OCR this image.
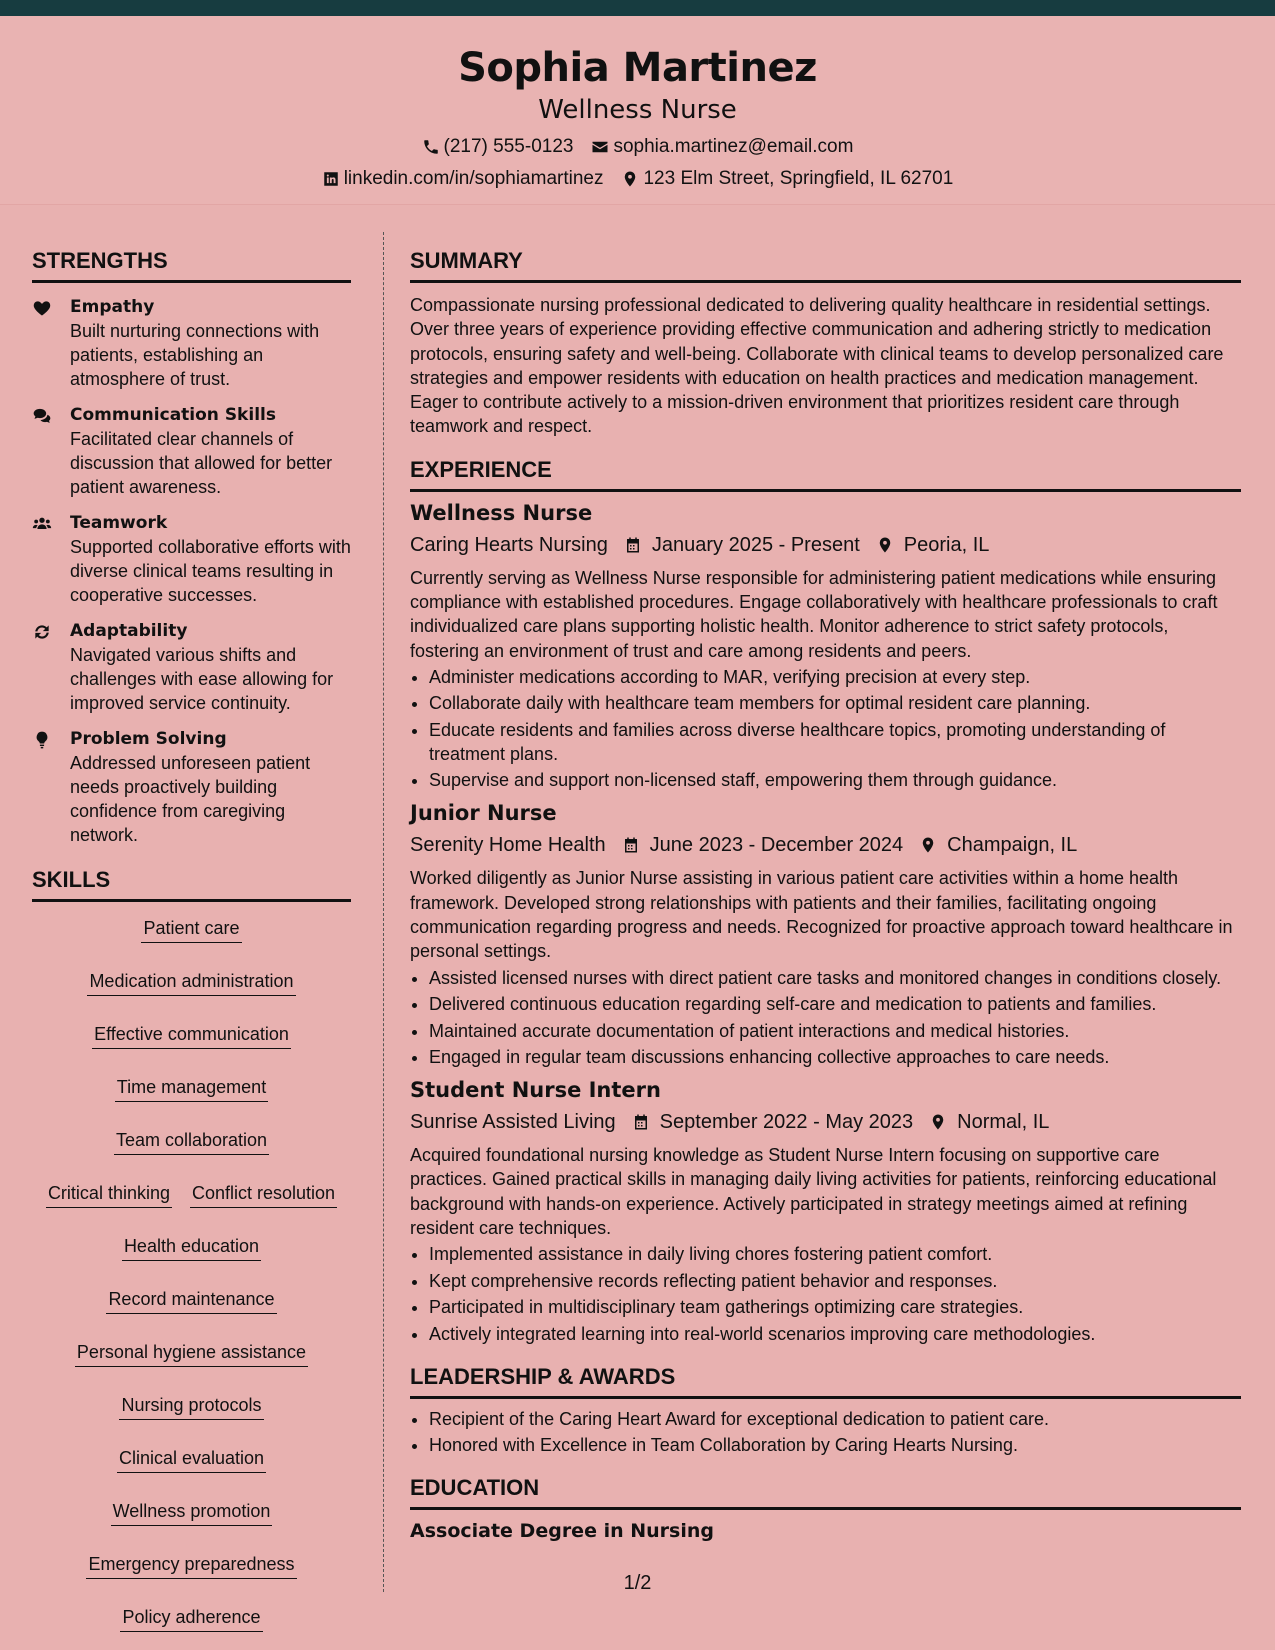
Sophia Martinez
Wellness Nurse
(217) 555-0123 sophia.martinez@email.com
linkedin.com/in/sophiamartinez 123 Elm Street, Springfield, IL 62701
STRENGTHS
Empathy
Built nurturing connections with patients, establishing an atmosphere of trust.
Communication Skills
Facilitated clear channels of discussion that allowed for better patient awareness.
Teamwork
Supported collaborative efforts with diverse clinical teams resulting in cooperative successes.
Adaptability
Navigated various shifts and challenges with ease allowing for improved service continuity.
Problem Solving
Addressed unforeseen patient needs proactively building confidence from caregiving network.
SKILLS
Patient care
Medication administration
Effective communication
Time management
Team collaboration
Critical thinking Conflict resolution
Health education
Record maintenance
Personal hygiene assistance
Nursing protocols
Clinical evaluation
Wellness promotion
Emergency preparedness
Policy adherence
SUMMARY
Compassionate nursing professional dedicated to delivering quality healthcare in residential settings. Over three years of experience providing effective communication and adhering strictly to medication protocols, ensuring safety and well-being. Collaborate with clinical teams to develop personalized care strategies and empower residents with education on health practices and medication management. Eager to contribute actively to a mission-driven environment that prioritizes resident care through teamwork and respect.
EXPERIENCE
Wellness Nurse
Caring Hearts Nursing January 2025 - Present Peoria, IL
Currently serving as Wellness Nurse responsible for administering patient medications while ensuring compliance with established procedures. Engage collaboratively with healthcare professionals to craft individualized care plans supporting holistic health. Monitor adherence to strict safety protocols, fostering an environment of trust and care among residents and peers.
• Administer medications according to MAR, verifying precision at every step.
• Collaborate daily with healthcare team members for optimal resident care planning.
• Educate residents and families across diverse healthcare topics, promoting understanding of treatment plans.
• Supervise and support non-licensed staff, empowering them through guidance.
Junior Nurse
Serenity Home Health June 2023 - December 2024 Champaign, IL
Worked diligently as Junior Nurse assisting in various patient care activities within a home health framework. Developed strong relationships with patients and their families, facilitating ongoing communication regarding progress and needs. Recognized for proactive approach toward healthcare in personal settings.
• Assisted licensed nurses with direct patient care tasks and monitored changes in conditions closely.
• Delivered continuous education regarding self-care and medication to patients and families.
• Maintained accurate documentation of patient interactions and medical histories.
• Engaged in regular team discussions enhancing collective approaches to care needs.
Student Nurse Intern
Sunrise Assisted Living September 2022 - May 2023 Normal, IL
Acquired foundational nursing knowledge as Student Nurse Intern focusing on supportive care practices. Gained practical skills in managing daily living activities for patients, reinforcing educational background with hands-on experience. Actively participated in strategy meetings aimed at refining resident care techniques.
• Implemented assistance in daily living chores fostering patient comfort.
• Kept comprehensive records reflecting patient behavior and responses.
• Participated in multidisciplinary team gatherings optimizing care strategies.
• Actively integrated learning into real-world scenarios improving care methodologies.
LEADERSHIP & AWARDS
• Recipient of the Caring Heart Award for exceptional dedication to patient care.
• Honored with Excellence in Team Collaboration by Caring Hearts Nursing.
EDUCATION
Associate Degree in Nursing
1/2
